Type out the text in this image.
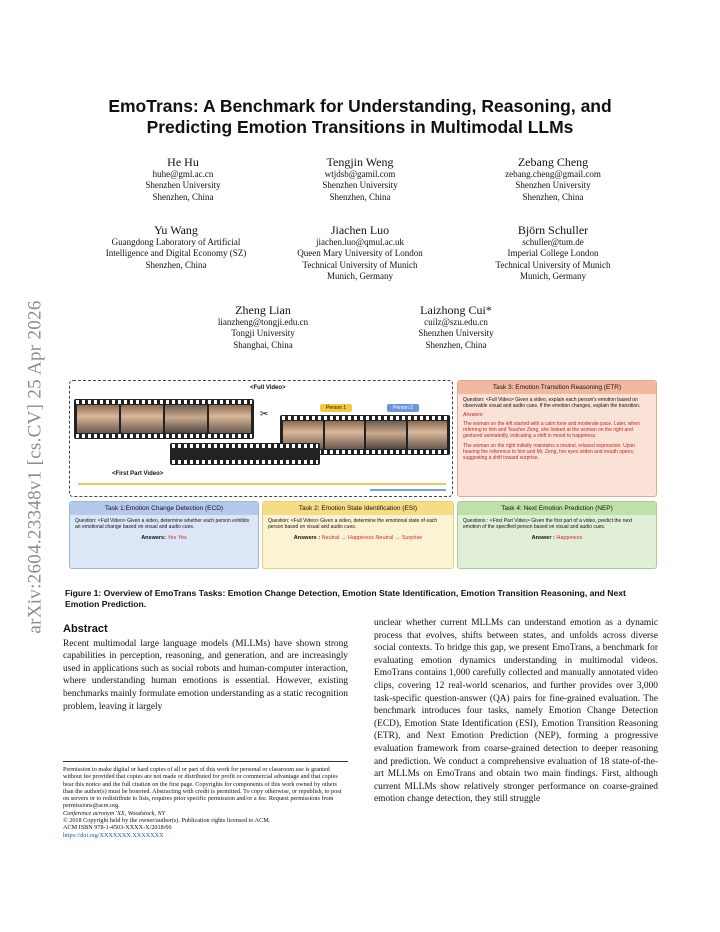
arXiv:2604.23348v1 [cs.CV] 25 Apr 2026
EmoTrans: A Benchmark for Understanding, Reasoning, and Predicting Emotion Transitions in Multimodal LLMs
He Hu
huhe@gml.ac.cn
Shenzhen University
Shenzhen, China
Tengjin Weng
wtjdsb@gamil.com
Shenzhen University
Shenzhen, China
Zebang Cheng
zebang.cheng@gmail.com
Shenzhen University
Shenzhen, China
Yu Wang
Guangdong Laboratory of Artificial
Intelligence and Digital Economy (SZ)
Shenzhen, China
Jiachen Luo
jiachen.luo@qmul.ac.uk
Queen Mary University of London
Technical University of Munich
Munich, Germany
Björn Schuller
schuller@tum.de
Imperial College London
Technical University of Munich
Munich, Germany
Zheng Lian
lianzheng@tongji.edu.cn
Tongji University
Shanghai, China
Laizhong Cui*
cuilz@szu.edu.cn
Shenzhen University
Shenzhen, China
<Full Video>
✂
Person 1	Person 2
<First Part Video>
Task 3: Emotion Transition Reasoning (ETR)
Question: <Full Video> Given a video, explain each person's emotion based on observable visual and audio cues. If the emotion changes, explain the transition.
Answers:
The woman on the left started with a calm tone and moderate pace. Later, when referring to him and Teacher Zeng, she looked at the woman on the right and gestured animatedly, indicating a shift in mood to happiness.
The woman on the right initially maintains a neutral, relaxed expression. Upon hearing the reference to him and Mr. Zeng, her eyes widen and mouth opens, suggesting a shift toward surprise.
Task 1:Emotion Change Detection (ECD)
Question: <Full Video> Given a video, determine whether each person exhibits an emotional change based on visual and audio cues.
Answers: Yes Yes
Task 2: Emotion State Identification (ESI)
Question: <Full Video> Given a video, determine the emotional state of each person based on visual and audio cues.
Answers : Neutral → Happiness Neutral → Surprise
Task 4: Next Emotion Prediction (NEP)
Questions : <First Part Video> Given the first part of a video, predict the next emotion of the specified person based on visual and audio cues.
Answer : Happiness
Figure 1: Overview of EmoTrans Tasks: Emotion Change Detection, Emotion State Identification, Emotion Transition Reasoning, and Next Emotion Prediction.
Abstract

Recent multimodal large language models (MLLMs) have shown strong capabilities in perception, reasoning, and generation, and are increasingly used in applications such as social robots and human-computer interaction, where understanding human emotions is essential. However, existing benchmarks mainly formulate emotion understanding as a static recognition problem, leaving it largely

Permission to make digital or hard copies of all or part of this work for personal or classroom use is granted without fee provided that copies are not made or distributed for profit or commercial advantage and that copies bear this notice and the full citation on the first page. Copyrights for components of this work owned by others than the author(s) must be honored. Abstracting with credit is permitted. To copy otherwise, or republish, to post on servers or to redistribute to lists, requires prior specific permission and/or a fee. Request permissions from permissions@acm.org.
Conference acronym 'XX, Woodstock, NY
© 2018 Copyright held by the owner/author(s). Publication rights licensed to ACM.
ACM ISBN 978-1-4503-XXXX-X/2018/06
https://doi.org/XXXXXXX.XXXXXXX

unclear whether current MLLMs can understand emotion as a dynamic process that evolves, shifts between states, and unfolds across diverse social contexts. To bridge this gap, we present EmoTrans, a benchmark for evaluating emotion dynamics understanding in multimodal videos. EmoTrans contains 1,000 carefully collected and manually annotated video clips, covering 12 real-world scenarios, and further provides over 3,000 task-specific question-answer (QA) pairs for fine-grained evaluation. The benchmark introduces four tasks, namely Emotion Change Detection (ECD), Emotion State Identification (ESI), Emotion Transition Reasoning (ETR), and Next Emotion Prediction (NEP), forming a progressive evaluation framework from coarse-grained detection to deeper reasoning and prediction. We conduct a comprehensive evaluation of 18 state-of-the-art MLLMs on EmoTrans and obtain two main findings. First, although current MLLMs show relatively stronger performance on coarse-grained emotion change detection, they still struggle
